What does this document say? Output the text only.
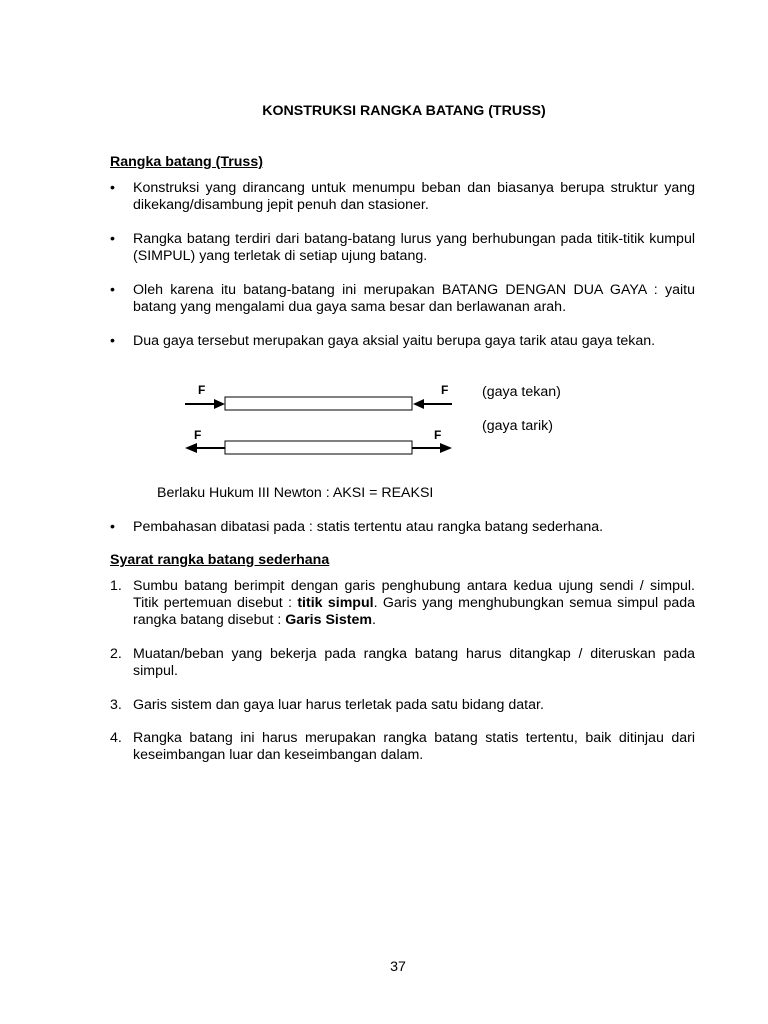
KONSTRUKSI RANGKA BATANG (TRUSS)
Rangka batang (Truss)
• Konstruksi yang dirancang untuk menumpu beban dan biasanya berupa struktur yang dikekang/disambung jepit penuh dan stasioner.
• Rangka batang terdiri dari batang-batang lurus yang berhubungan pada titik-titik kumpul (SIMPUL) yang terletak di setiap ujung batang.
• Oleh karena itu batang-batang ini merupakan BATANG DENGAN DUA GAYA : yaitu batang yang mengalami dua gaya sama besar dan berlawanan arah.
• Dua gaya tersebut merupakan gaya aksial yaitu berupa gaya tarik atau gaya tekan.
F	F
F	F
(gaya tekan)
(gaya tarik)
Berlaku Hukum III Newton : AKSI = REAKSI
• Pembahasan dibatasi pada : statis tertentu atau rangka batang sederhana.
Syarat rangka batang sederhana
1. Sumbu batang berimpit dengan garis penghubung antara kedua ujung sendi / simpul. Titik pertemuan disebut : titik simpul. Garis yang menghubungkan semua simpul pada rangka batang disebut : Garis Sistem.
2. Muatan/beban yang bekerja pada rangka batang harus ditangkap / diteruskan pada simpul.
3. Garis sistem dan gaya luar harus terletak pada satu bidang datar.
4. Rangka batang ini harus merupakan rangka batang statis tertentu, baik ditinjau dari keseimbangan luar dan keseimbangan dalam.
37
